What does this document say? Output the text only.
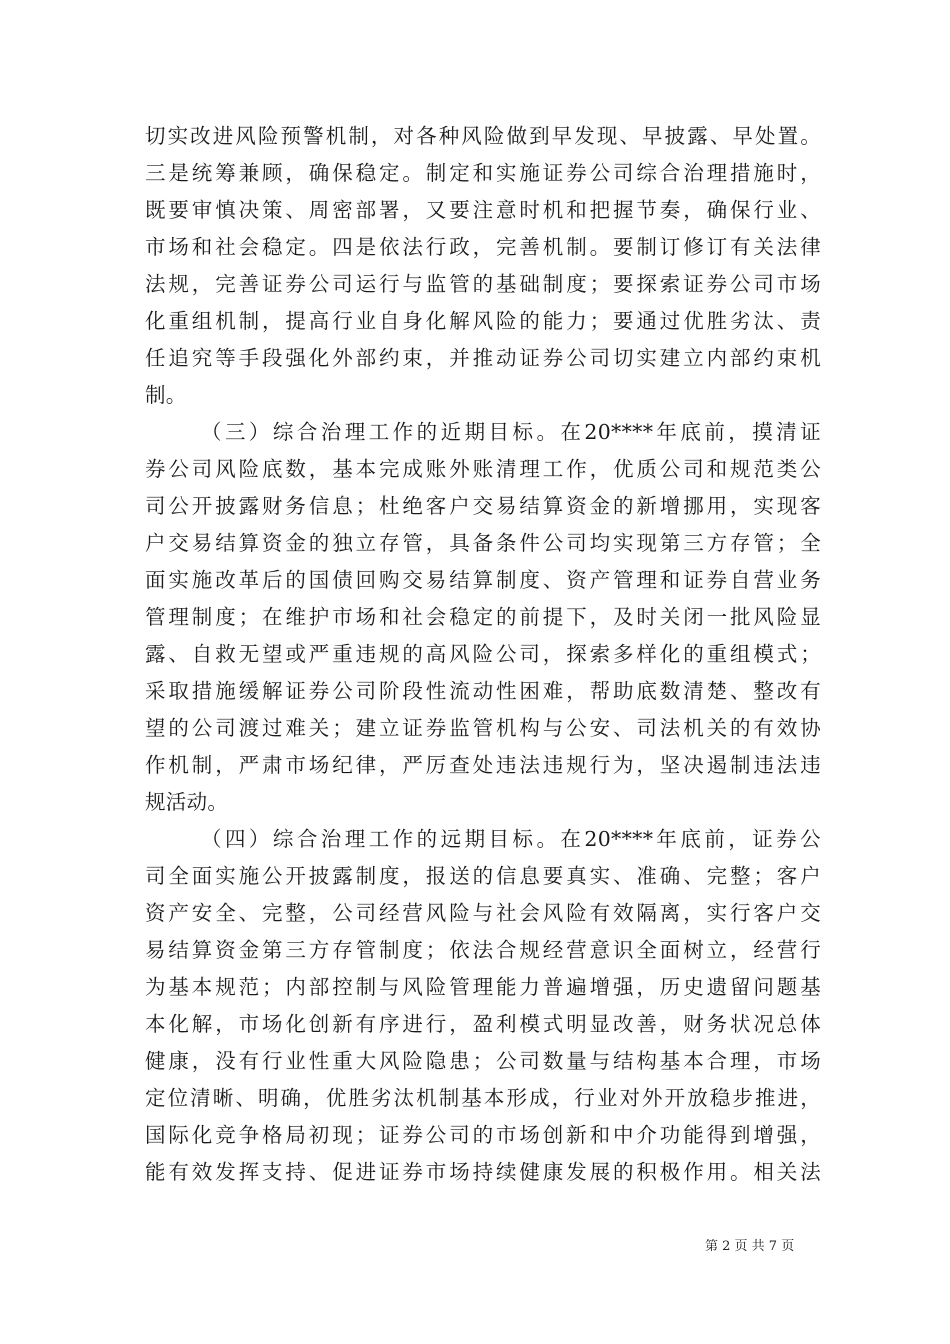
切实改进风险预警机制，对各种风险做到早发现、早披露、早处置。
三是统筹兼顾，确保稳定。制定和实施证券公司综合治理措施时，
既要审慎决策、周密部署，又要注意时机和把握节奏，确保行业、
市场和社会稳定。四是依法行政，完善机制。要制订修订有关法律
法规，完善证券公司运行与监管的基础制度；要探索证券公司市场
化重组机制，提高行业自身化解风险的能力；要通过优胜劣汰、责
任追究等手段强化外部约束，并推动证券公司切实建立内部约束机
制。
（三）综合治理工作的近期目标。在20****年底前，摸清证
券公司风险底数，基本完成账外账清理工作，优质公司和规范类公
司公开披露财务信息；杜绝客户交易结算资金的新增挪用，实现客
户交易结算资金的独立存管，具备条件公司均实现第三方存管；全
面实施改革后的国债回购交易结算制度、资产管理和证券自营业务
管理制度；在维护市场和社会稳定的前提下，及时关闭一批风险显
露、自救无望或严重违规的高风险公司，探索多样化的重组模式；
采取措施缓解证券公司阶段性流动性困难，帮助底数清楚、整改有
望的公司渡过难关；建立证券监管机构与公安、司法机关的有效协
作机制，严肃市场纪律，严厉查处违法违规行为，坚决遏制违法违
规活动。
（四）综合治理工作的远期目标。在20****年底前，证券公
司全面实施公开披露制度，报送的信息要真实、准确、完整；客户
资产安全、完整，公司经营风险与社会风险有效隔离，实行客户交
易结算资金第三方存管制度；依法合规经营意识全面树立，经营行
为基本规范；内部控制与风险管理能力普遍增强，历史遗留问题基
本化解，市场化创新有序进行，盈利模式明显改善，财务状况总体
健康，没有行业性重大风险隐患；公司数量与结构基本合理，市场
定位清晰、明确，优胜劣汰机制基本形成，行业对外开放稳步推进，
国际化竞争格局初现；证券公司的市场创新和中介功能得到增强，
能有效发挥支持、促进证券市场持续健康发展的积极作用。相关法
第 2 页 共 7 页
